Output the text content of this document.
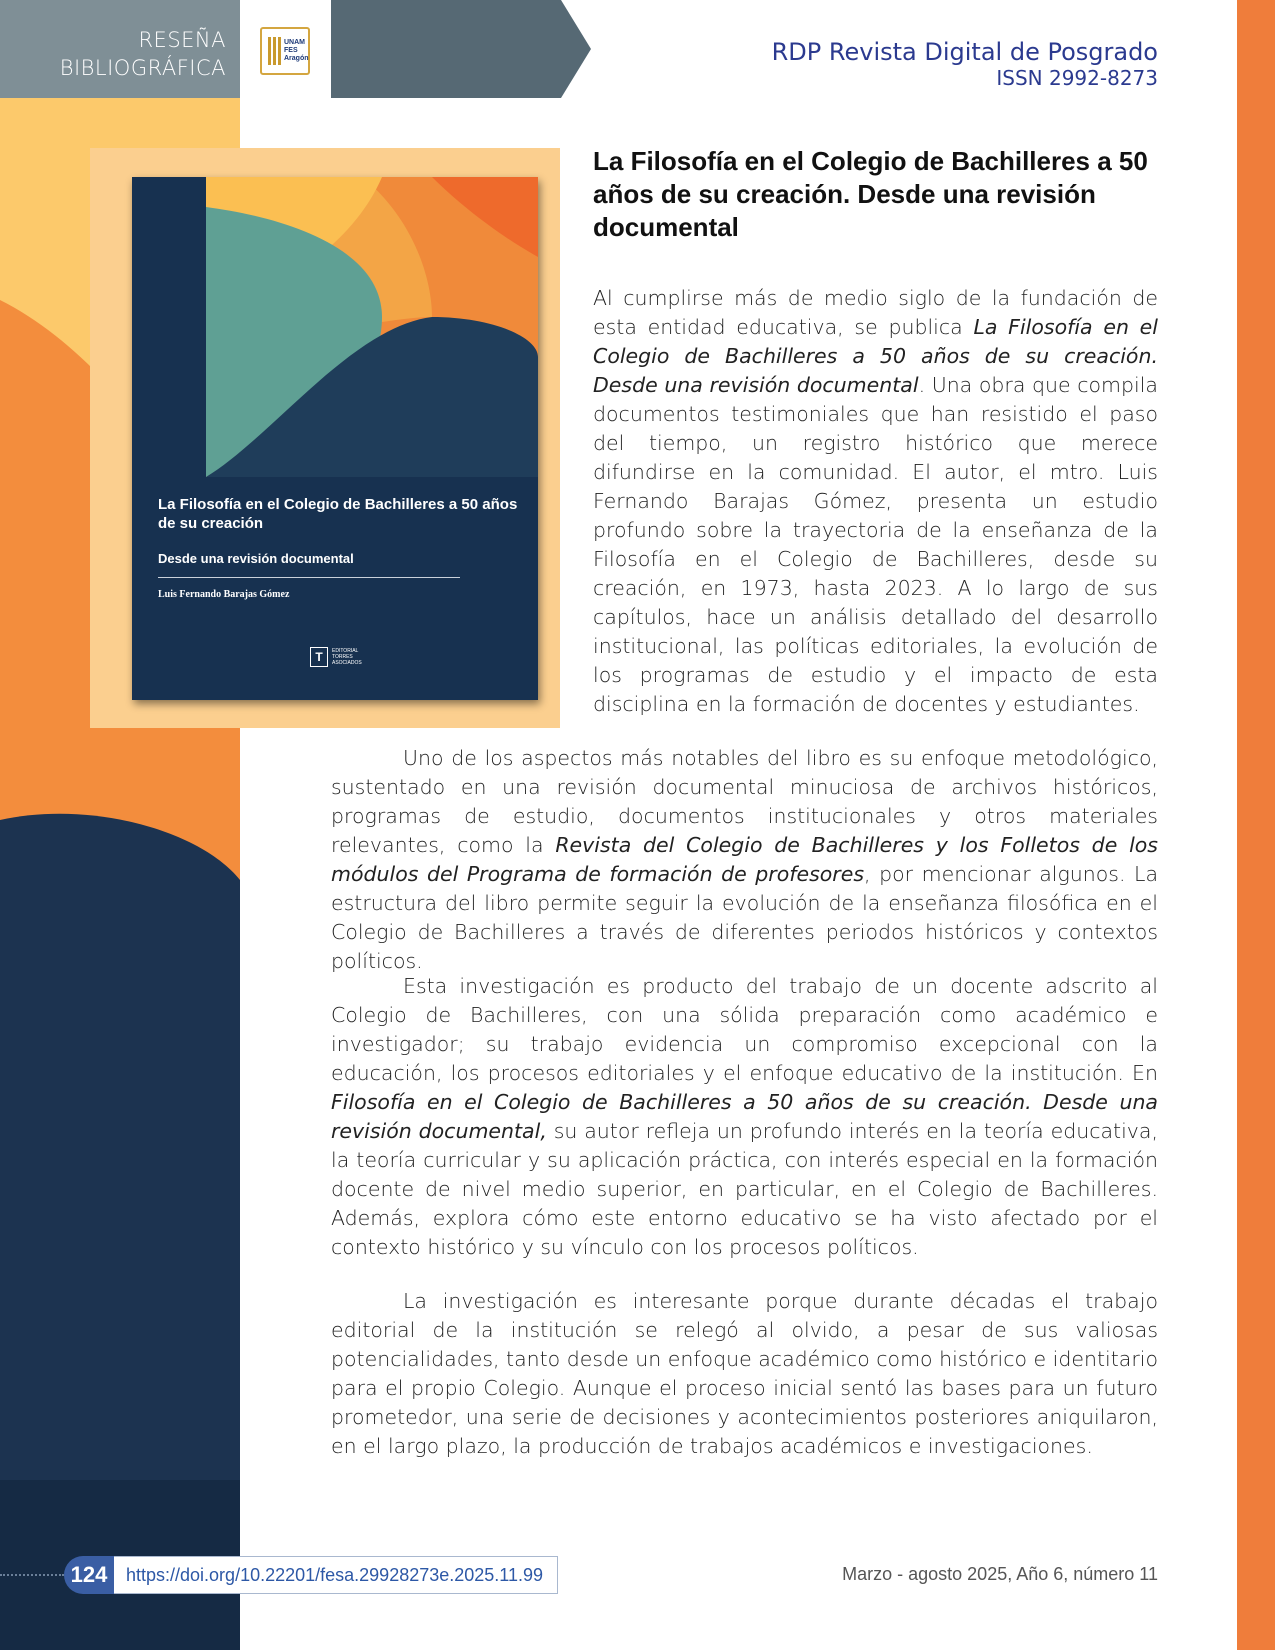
RESEÑA
BIBLIOGRÁFICA
UNAM
FES
Aragón	RDP Revista Digital de Posgrado
ISSN 2992-8273
La Filosofía en el Colegio de Bachilleres a 50 años de su creación
Desde una revisión documental
Luis Fernando Barajas Gómez
T	EDITORIAL
TORRES
ASOCIADOS
La Filosofía en el Colegio de Bachilleres a 50 años de su creación. Desde una revisión documental

Al cumplirse más de medio siglo de la fundación de esta entidad educativa, se publica La Filosofía en el Colegio de Bachilleres a 50 años de su creación. Desde una revisión documental. Una obra que compila documentos testimoniales que han resistido el paso del tiempo, un registro histórico que merece difundirse en la comunidad. El autor, el mtro. Luis Fernando Barajas Gómez, presenta un estudio profundo sobre la trayectoria de la enseñanza de la Filosofía en el Colegio de Bachilleres, desde su creación, en 1973, hasta 2023. A lo largo de sus capítulos, hace un análisis detallado del desarrollo institucional, las políticas editoriales, la evolución de los programas de estudio y el impacto de esta disciplina en la formación de docentes y estudiantes.

Uno de los aspectos más notables del libro es su enfoque metodológico, sustentado en una revisión documental minuciosa de archivos históricos, programas de estudio, documentos institucionales y otros materiales relevantes, como la Revista del Colegio de Bachilleres y los Folletos de los módulos del Programa de formación de profesores, por mencionar algunos. La estructura del libro permite seguir la evolución de la enseñanza filosófica en el Colegio de Bachilleres a través de diferentes periodos históricos y contextos políticos.

Esta investigación es producto del trabajo de un docente adscrito al Colegio de Bachilleres, con una sólida preparación como académico e investigador; su trabajo evidencia un compromiso excepcional con la educación, los procesos editoriales y el enfoque educativo de la institución. En Filosofía en el Colegio de Bachilleres a 50 años de su creación. Desde una revisión documental, su autor refleja un profundo interés en la teoría educativa, la teoría curricular y su aplicación práctica, con interés especial en la formación docente de nivel medio superior, en particular, en el Colegio de Bachilleres. Además, explora cómo este entorno educativo se ha visto afectado por el contexto histórico y su vínculo con los procesos políticos.

La investigación es interesante porque durante décadas el trabajo editorial de la institución se relegó al olvido, a pesar de sus valiosas potencialidades, tanto desde un enfoque académico como histórico e identitario para el propio Colegio. Aunque el proceso inicial sentó las bases para un futuro prometedor, una serie de decisiones y acontecimientos posteriores aniquilaron, en el largo plazo, la producción de trabajos académicos e investigaciones.

124	https://doi.org/10.22201/fesa.29928273e.2025.11.99	Marzo - agosto 2025, Año 6, número 11
